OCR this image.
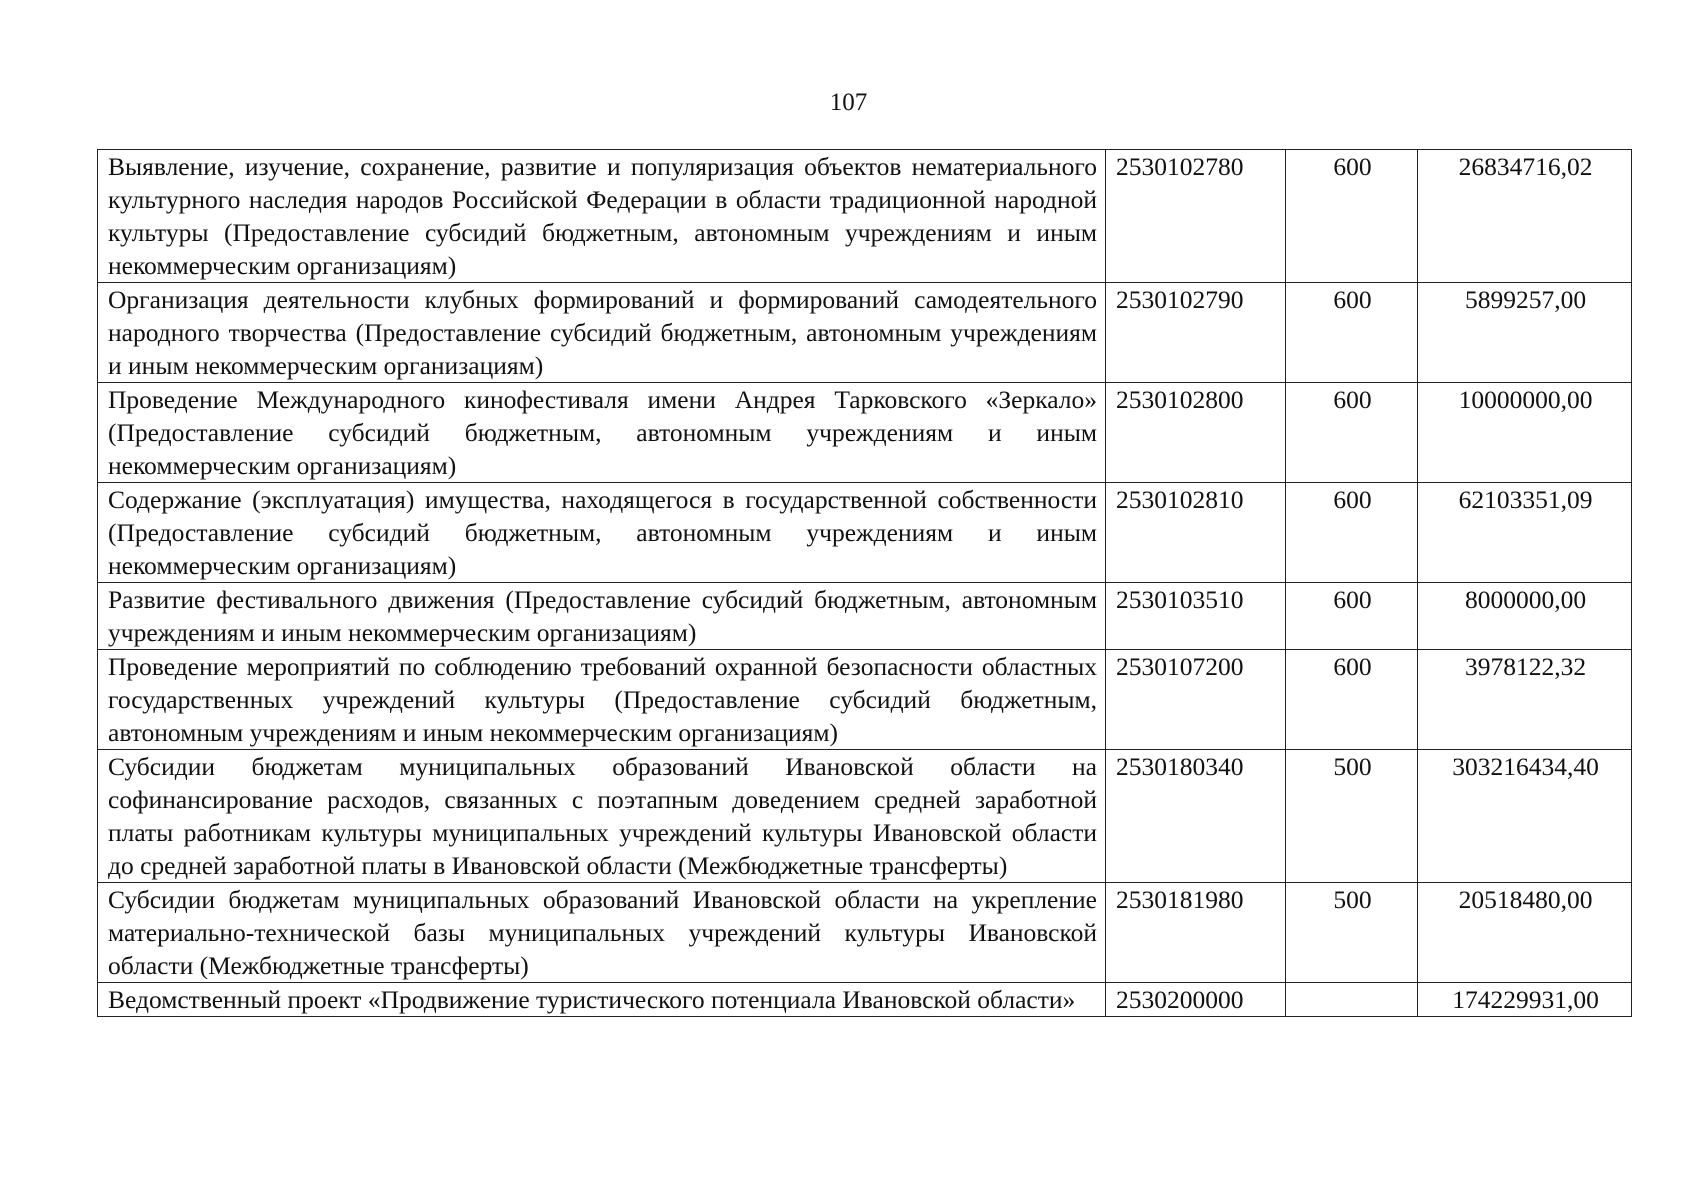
107
Выявление, изучение, сохранение, развитие и популяризация объектов нематериального культурного наследия народов Российской Федерации в области традиционной народной культуры (Предоставление субсидий бюджетным, автономным учреждениям и иным некоммерческим организациям)	2530102780	600	26834716,02
Организация деятельности клубных формирований и формирований самодеятельного народного творчества (Предоставление субсидий бюджетным, автономным учреждениям и иным некоммерческим организациям)	2530102790	600	5899257,00
Проведение Международного кинофестиваля имени Андрея Тарковского «Зеркало» (Предоставление субсидий бюджетным, автономным учреждениям и иным некоммерческим организациям)	2530102800	600	10000000,00
Содержание (эксплуатация) имущества, находящегося в государственной собственности (Предоставление субсидий бюджетным, автономным учреждениям и иным некоммерческим организациям)	2530102810	600	62103351,09
Развитие фестивального движения (Предоставление субсидий бюджетным, автономным учреждениям и иным некоммерческим организациям)	2530103510	600	8000000,00
Проведение мероприятий по соблюдению требований охранной безопасности областных государственных учреждений культуры (Предоставление субсидий бюджетным, автономным учреждениям и иным некоммерческим организациям)	2530107200	600	3978122,32
Субсидии бюджетам муниципальных образований Ивановской области на софинансирование расходов, связанных с поэтапным доведением средней заработной платы работникам культуры муниципальных учреждений культуры Ивановской области до средней заработной платы в Ивановской области (Межбюджетные трансферты)	2530180340	500	303216434,40
Субсидии бюджетам муниципальных образований Ивановской области на укрепление материально-технической базы муниципальных учреждений культуры Ивановской области (Межбюджетные трансферты)	2530181980	500	20518480,00
Ведомственный проект «Продвижение туристического потенциала Ивановской области»	2530200000		174229931,00
